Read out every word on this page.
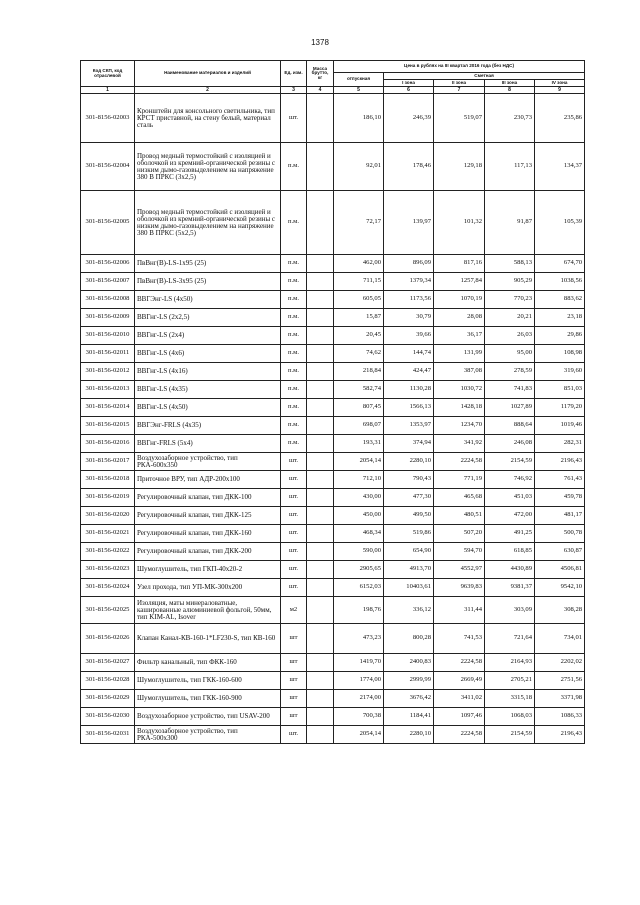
1378
Код СКП, код отраслевой	Наименование материалов и изделий	Ед. изм.	Масса брутто, кг	Цена в рублях на III квартал 2016 года (без НДС)				
				отпускная	Сметная			
					I зона	II зона	III зона	IV зона
1	2	3	4	5	6	7	8	9
301-8156-02003	Кронштейн для консольного светильника, тип КРСТ приставной, на стену белый, материал сталь	шт.		186,10	246,39	519,07	230,73	235,86
301-8156-02004	Провод медный термостойкий с изоляцией и оболочкой из кремний-органической резины с низким дымо-газовыделением на напряжение 380 В ПРКС (3х2,5)	п.м.		92,01	178,46	129,18	117,13	134,37
301-8156-02005	Провод медный термостойкий с изоляцией и оболочкой из кремний-органической резины с низким дымо-газовыделением на напряжение 380 В ПРКС (5х2,5)	п.м.		72,17	139,97	101,32	91,87	105,39
301-8156-02006	ПвВнг(В)-LS-1х95 (25)	п.м.		462,00	896,09	817,16	588,13	674,70
301-8156-02007	ПвВнг(В)-LS-3х95 (25)	п.м.		711,15	1379,34	1257,84	905,29	1038,56
301-8156-02008	ВВГЭнг-LS (4х50)	п.м.		605,05	1173,56	1070,19	770,23	883,62
301-8156-02009	ВВГнг-LS (2х2,5)	п.м.		15,87	30,79	28,08	20,21	23,18
301-8156-02010	ВВГнг-LS (2х4)	п.м.		20,45	39,66	36,17	26,03	29,86
301-8156-02011	ВВГнг-LS (4х6)	п.м.		74,62	144,74	131,99	95,00	108,98
301-8156-02012	ВВГнг-LS (4х16)	п.м.		218,84	424,47	387,08	278,59	319,60
301-8156-02013	ВВГнг-LS (4х35)	п.м.		582,74	1130,28	1030,72	741,83	851,03
301-8156-02014	ВВГнг-LS (4х50)	п.м.		807,45	1566,13	1428,18	1027,89	1179,20
301-8156-02015	ВВГЭнг-FRLS (4х35)	п.м.		698,07	1353,97	1234,70	888,64	1019,46
301-8156-02016	ВВГнг-FRLS (5х4)	п.м.		193,31	374,94	341,92	246,08	282,31
301-8156-02017	Воздухозаборное устройство, тип РКА-600х350	шт.		2054,14	2280,10	2224,58	2154,59	2196,43
301-8156-02018	Приточное ВРУ, тип АДР-200х100	шт.		712,10	790,43	771,19	746,92	761,43
301-8156-02019	Регулировочный клапан, тип ДКК-100	шт.		430,00	477,30	465,68	451,03	459,78
301-8156-02020	Регулировочный клапан, тип ДКК-125	шт.		450,00	499,50	480,51	472,00	481,17
301-8156-02021	Регулировочный клапан, тип ДКК-160	шт.		468,34	519,86	507,20	491,25	500,78
301-8156-02022	Регулировочный клапан, тип ДКК-200	шт.		590,00	654,90	594,70	618,85	630,87
301-8156-02023	Шумоглушитель, тип ГКП-40х20-2	шт.		2905,65	4913,70	4552,97	4430,89	4506,81
301-8156-02024	Узел прохода, тип УП-МК-300х200	шт.		6152,03	10403,61	9639,83	9381,37	9542,10
301-8156-02025	Изоляция, маты минераловатные, кашированные алюминиевой фольгой, 50мм, тип KIM-AL, Isover	м2		198,76	336,12	311,44	303,09	308,28
301-8156-02026	Клапан Канал-КВ-160-1*LF230-S, тип КВ-160	шт		473,23	800,28	741,53	721,64	734,01
301-8156-02027	Фильтр канальный, тип ФКК-160	шт		1419,70	2400,83	2224,58	2164,93	2202,02
301-8156-02028	Шумоглушитель, тип ГКК-160-600	шт		1774,00	2999,99	2669,49	2705,21	2751,56
301-8156-02029	Шумоглушитель, тип ГКК-160-900	шт		2174,00	3676,42	3411,02	3315,18	3371,98
301-8156-02030	Воздухозаборное устройство, тип USAV-200	шт		700,38	1184,41	1097,46	1068,03	1086,33
301-8156-02031	Воздухозаборное устройство, тип РКА-500х300	шт.		2054,14	2280,10	2224,58	2154,59	2196,43
